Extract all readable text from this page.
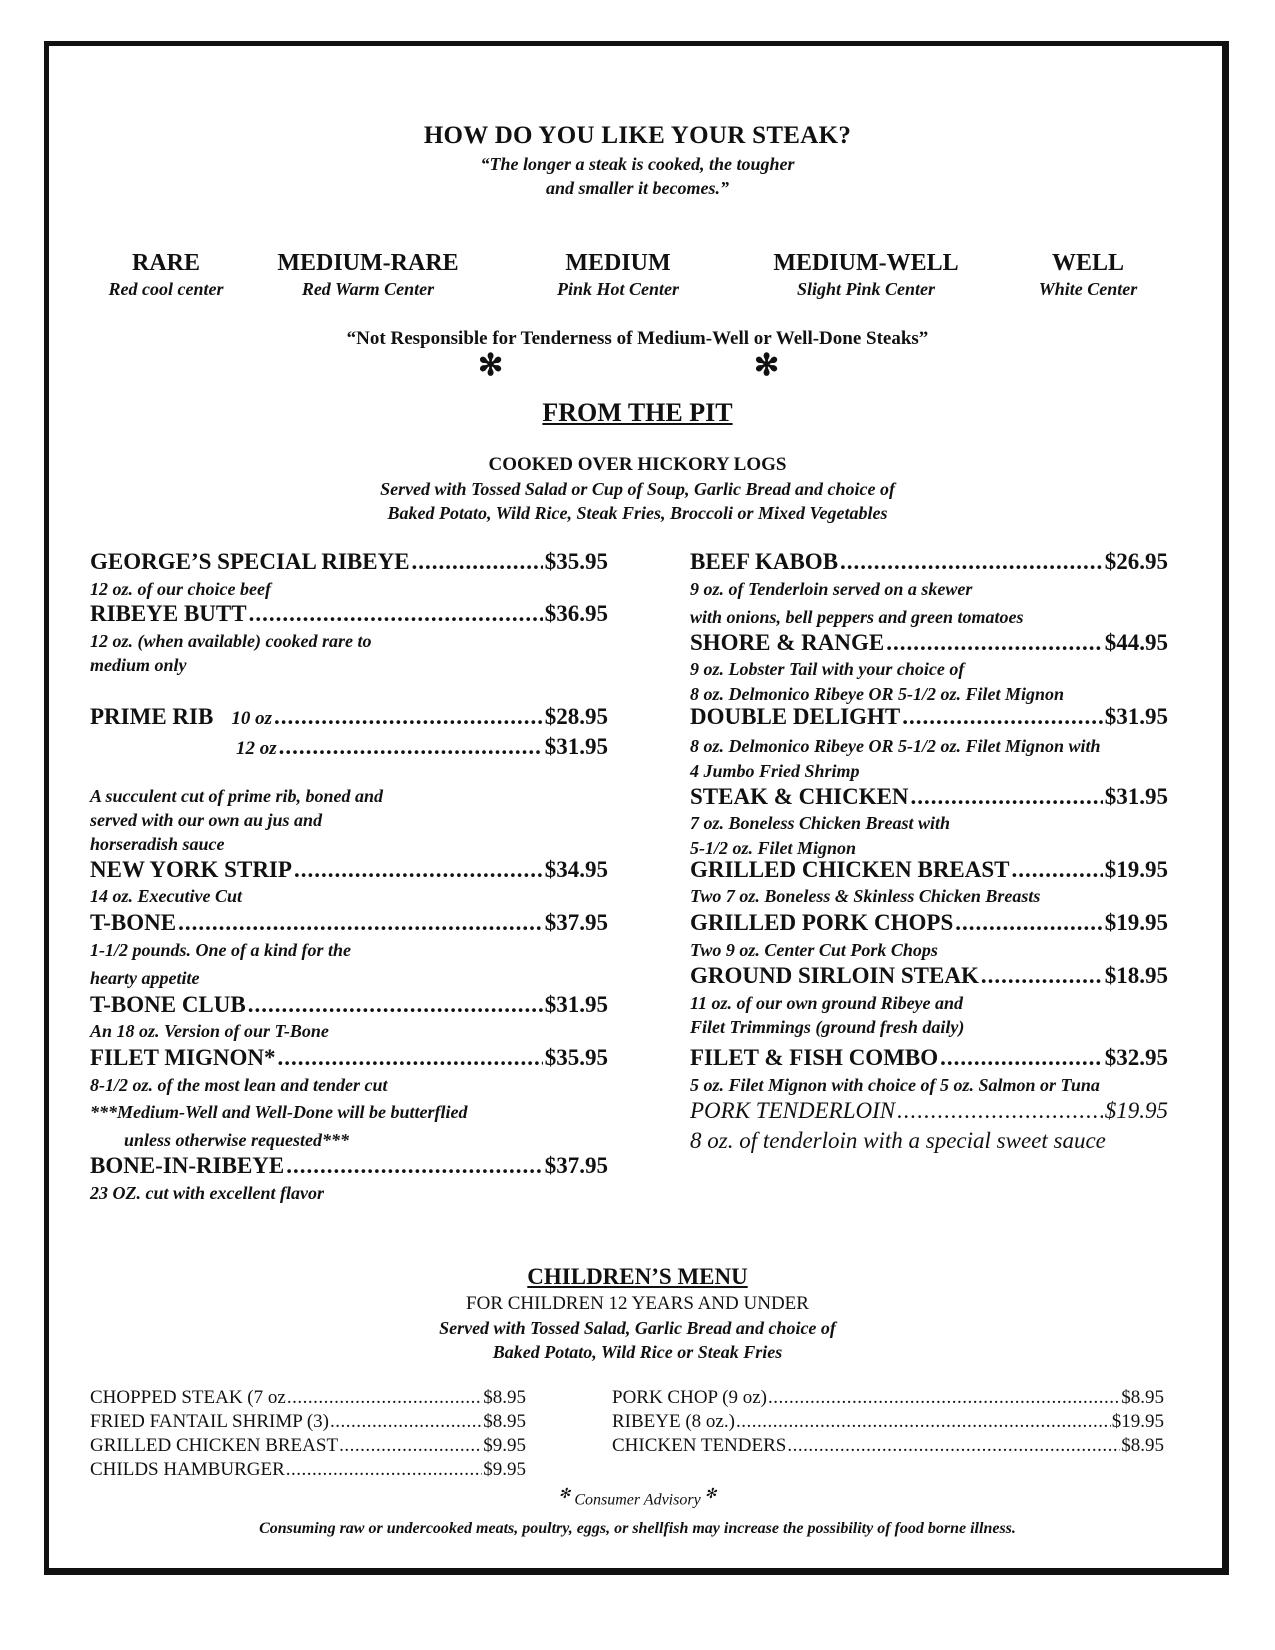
HOW DO YOU LIKE YOUR STEAK?
“The longer a steak is cooked, the tougher
and smaller it becomes.”
RARE
Red cool center
MEDIUM-RARE
Red Warm Center
MEDIUM
Pink Hot Center
MEDIUM-WELL
Slight Pink Center
WELL
White Center
“Not Responsible for Tenderness of Medium-Well or Well-Done Steaks”
✻	✻
FROM THE PIT
COOKED OVER HICKORY LOGS
Served with Tossed Salad or Cup of Soup, Garlic Bread and choice of
Baked Potato, Wild Rice, Steak Fries, Broccoli or Mixed Vegetables
GEORGE’S SPECIAL RIBEYE .....	$35.95
12 oz. of our choice beef
RIBEYE BUTT .....	$36.95
12 oz. (when available) cooked rare to
medium only
PRIME RIB 10 oz .....	$28.95
12 oz .....	$31.95
A succulent cut of prime rib, boned and
served with our own au jus and
horseradish sauce
NEW YORK STRIP .....	$34.95
14 oz. Executive Cut
T-BONE .....	$37.95
1-1/2 pounds. One of a kind for the
hearty appetite
T-BONE CLUB .....	$31.95
An 18 oz. Version of our T-Bone
FILET MIGNON* .....	$35.95
8-1/2 oz. of the most lean and tender cut
***Medium-Well and Well-Done will be butterflied
unless otherwise requested***
BONE-IN-RIBEYE .....	$37.95
23 OZ. cut with excellent flavor
BEEF KABOB .....	$26.95
9 oz. of Tenderloin served on a skewer
with onions, bell peppers and green tomatoes
SHORE & RANGE .....	$44.95
9 oz. Lobster Tail with your choice of
8 oz. Delmonico Ribeye OR 5-1/2 oz. Filet Mignon
DOUBLE DELIGHT .....	$31.95
8 oz. Delmonico Ribeye OR 5-1/2 oz. Filet Mignon with
4 Jumbo Fried Shrimp
STEAK & CHICKEN .....	$31.95
7 oz. Boneless Chicken Breast with
5-1/2 oz. Filet Mignon
GRILLED CHICKEN BREAST .....	$19.95
Two 7 oz. Boneless & Skinless Chicken Breasts
GRILLED PORK CHOPS .....	$19.95
Two 9 oz. Center Cut Pork Chops
GROUND SIRLOIN STEAK .....	$18.95
11 oz. of our own ground Ribeye and
Filet Trimmings (ground fresh daily)
FILET & FISH COMBO .....	$32.95
5 oz. Filet Mignon with choice of 5 oz. Salmon or Tuna
PORK TENDERLOIN .....	$19.95
8 oz. of tenderloin with a special sweet sauce
CHILDREN’S MENU
FOR CHILDREN 12 YEARS AND UNDER
Served with Tossed Salad, Garlic Bread and choice of
Baked Potato, Wild Rice or Steak Fries
CHOPPED STEAK (7 oz .....	$8.95
FRIED FANTAIL SHRIMP (3) .....	$8.95
GRILLED CHICKEN BREAST .....	$9.95
CHILDS HAMBURGER .....	$9.95
PORK CHOP (9 oz) .....	$8.95
RIBEYE (8 oz.) .....	$19.95
CHICKEN TENDERS .....	$8.95
✻ Consumer Advisory ✻
Consuming raw or undercooked meats, poultry, eggs, or shellfish may increase the possibility of food borne illness.
